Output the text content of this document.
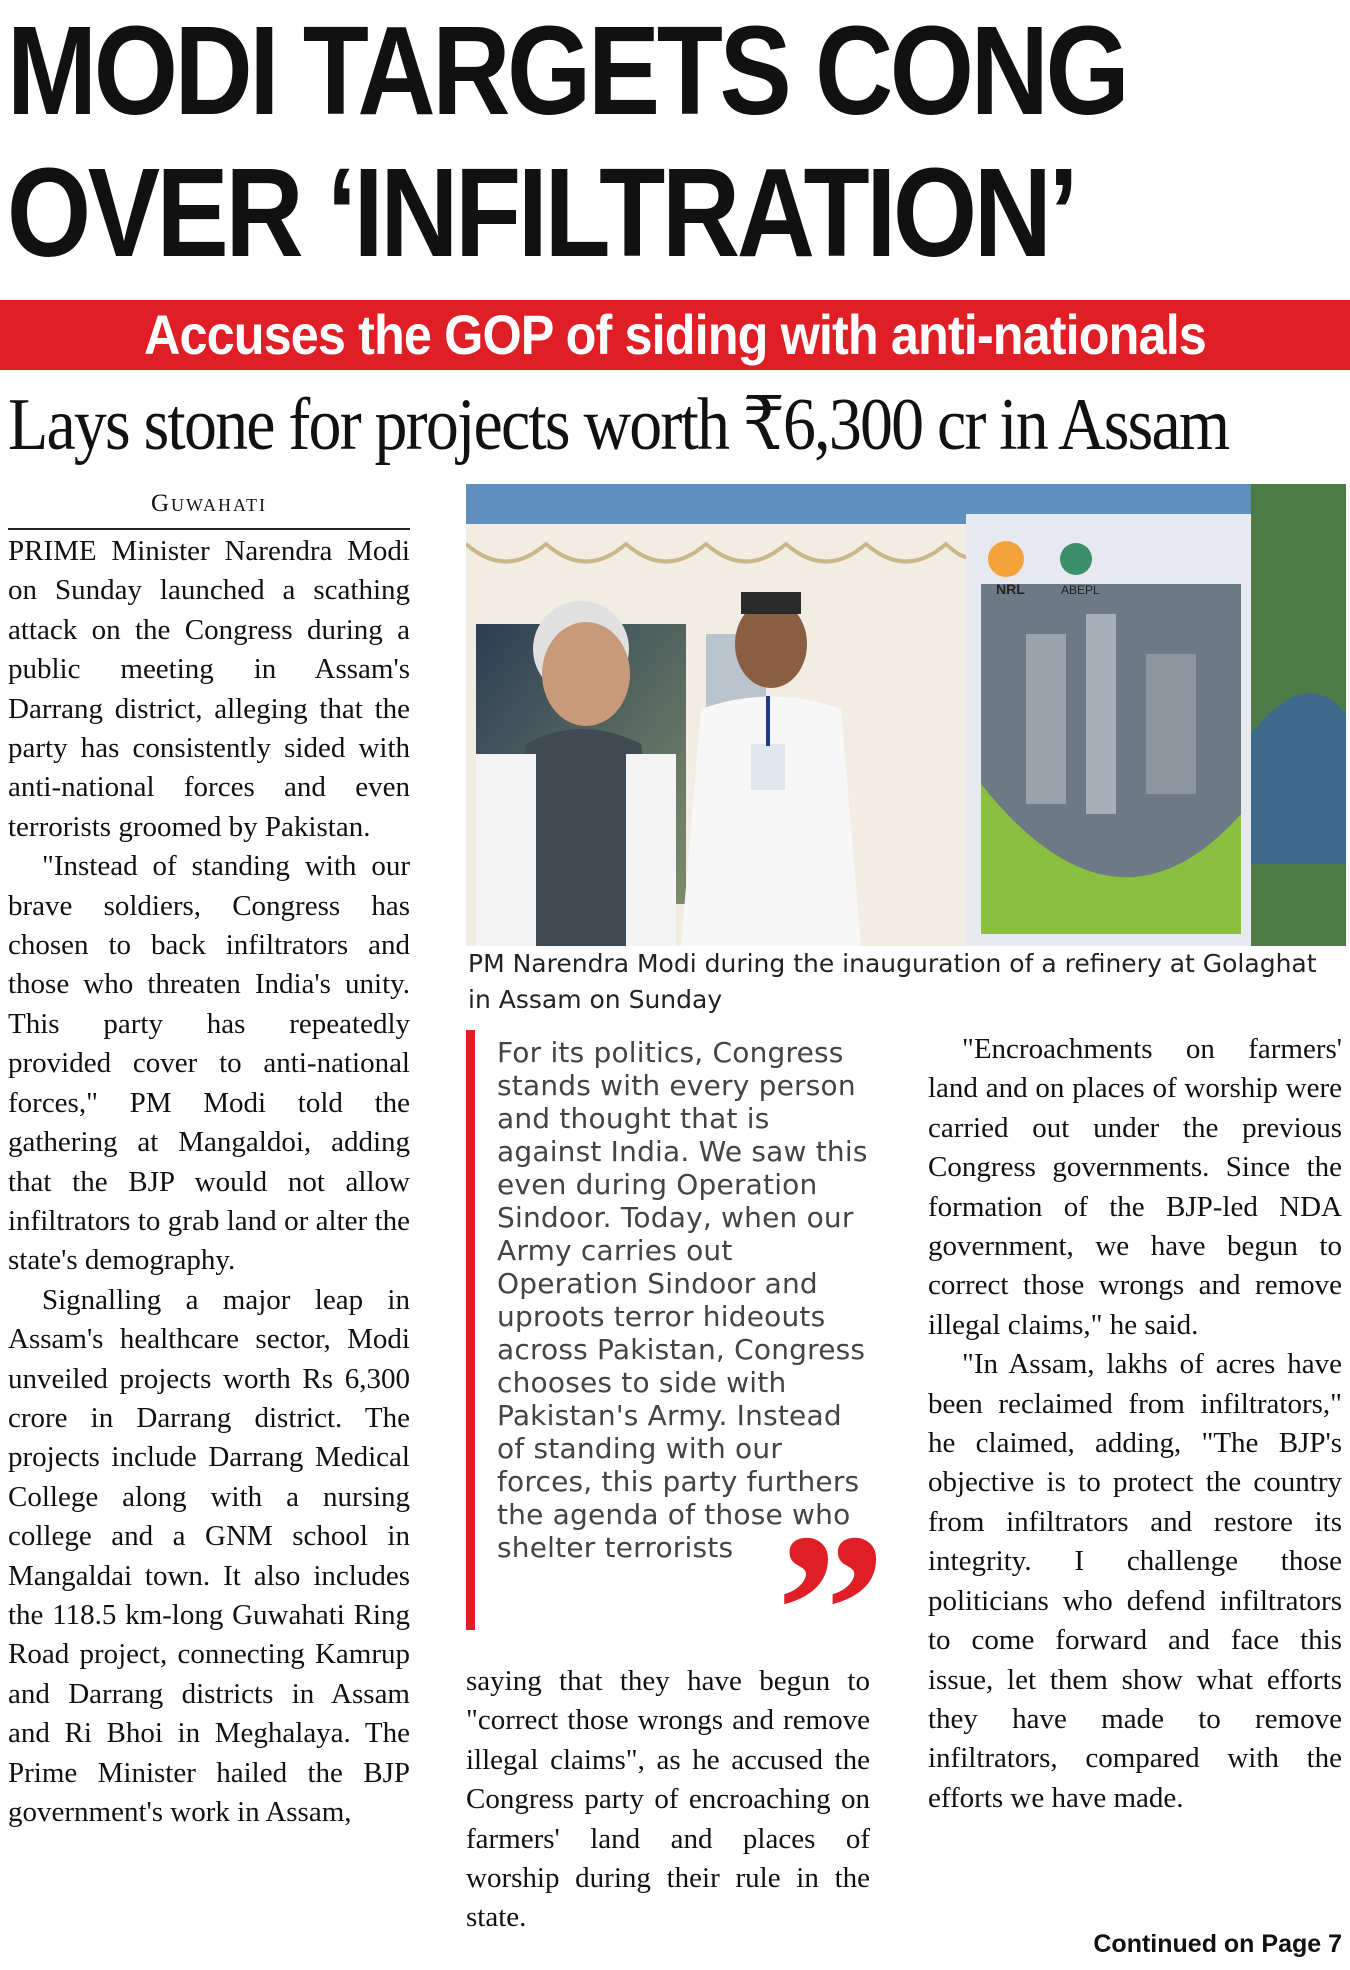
MODI TARGETS CONG
OVER ‘INFILTRATION’
Accuses the GOP of siding with anti-nationals
Lays stone for projects worth ₹6,300 cr in Assam
Guwahati

PRIME Minister Narendra Modi on Sunday launched a scathing attack on the Congress during a public meeting in Assam's Darrang district, alleging that the party has consistently sided with anti-national forces and even terrorists groomed by Pakistan.

"Instead of standing with our brave soldiers, Congress has chosen to back infiltrators and those who threaten India's unity. This party has repeatedly provided cover to anti-national forces," PM Modi told the gathering at Mangaldoi, adding that the BJP would not allow infiltrators to grab land or alter the state's demography.

Signalling a major leap in Assam's healthcare sector, Modi unveiled projects worth Rs 6,300 crore in Darrang district. The projects include Darrang Medical College along with a nursing college and a GNM school in Mangaldai town. It also includes the 118.5 km-long Guwahati Ring Road project, connecting Kamrup and Darrang districts in Assam and Ri Bhoi in Meghalaya. The Prime Minister hailed the BJP government's work in Assam,

NRL	ABEPL
PM Narendra Modi during the inauguration of a refinery at Golaghat in Assam on Sunday
For its politics, Congress stands with every person and thought that is against India. We saw this even during Operation Sindoor. Today, when our Army carries out Operation Sindoor and uproots terror hideouts across Pakistan, Congress chooses to side with Pakistan's Army. Instead of standing with our forces, this party furthers the agenda of those who shelter terrorists ”

saying that they have begun to "correct those wrongs and remove illegal claims", as he accused the Congress party of encroaching on farmers' land and places of worship during their rule in the state.

"Encroachments on farmers' land and on places of worship were carried out under the previous Congress governments. Since the formation of the BJP-led NDA government, we have begun to correct those wrongs and remove illegal claims," he said.

"In Assam, lakhs of acres have been reclaimed from infiltrators," he claimed, adding, "The BJP's objective is to protect the country from infiltrators and restore its integrity. I challenge those politicians who defend infiltrators to come forward and face this issue, let them show what efforts they have made to remove infiltrators, compared with the efforts we have made.

Continued on Page 7
